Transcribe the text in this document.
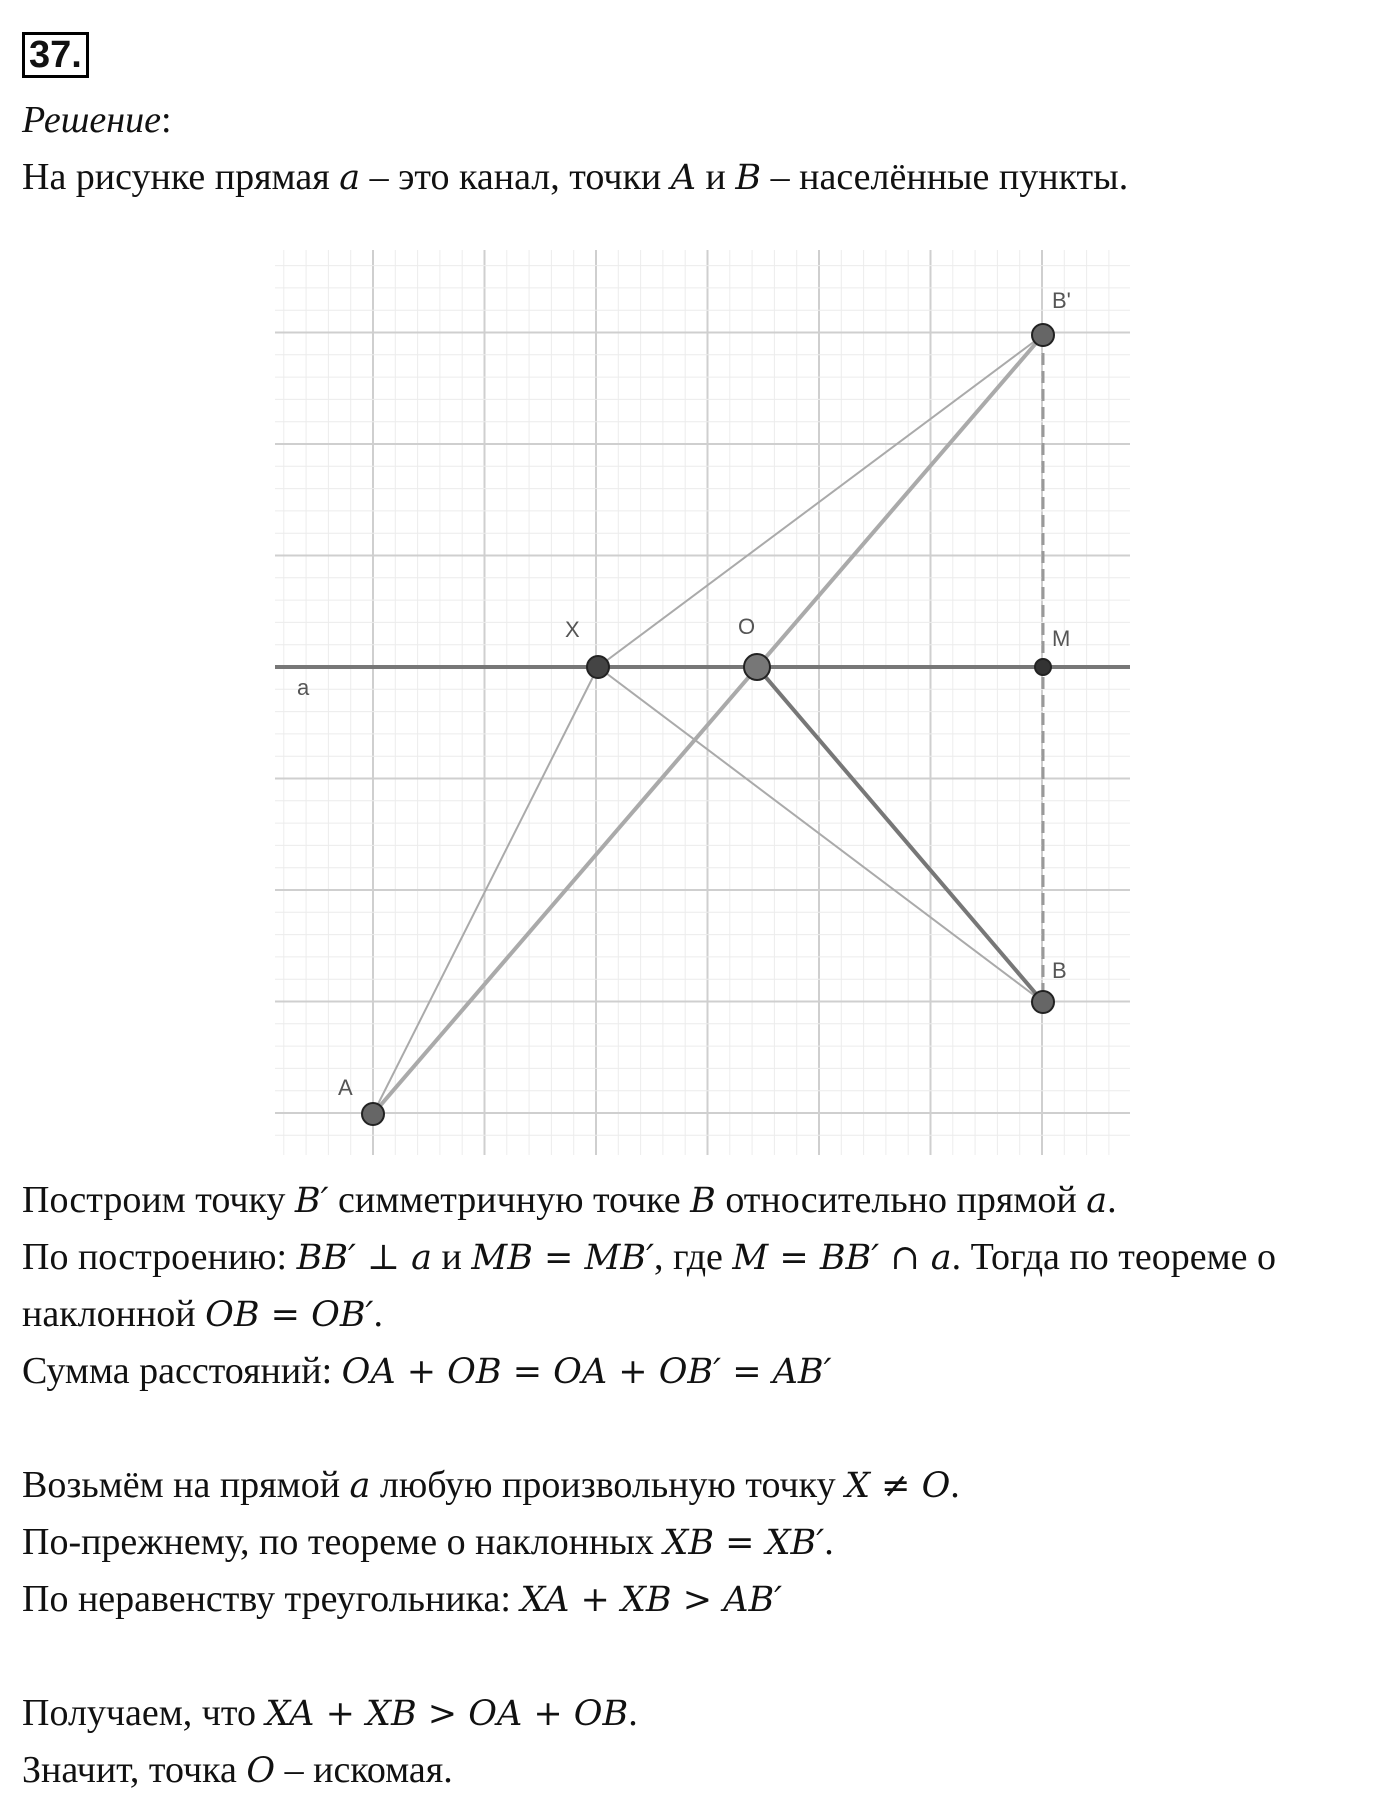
37.
Решение:
На рисунке прямая a – это канал, точки A и B – населённые пункты.
B'
X	O	M
a
B
A
Построим точку B′ симметричную точке B относительно прямой a.
По построению: BB′ ⊥ a и MB = MB′, где M = BB′ ∩ a. Тогда по теореме о
наклонной OB = OB′.
Сумма расстояний: OA + OB = OA + OB′ = AB′
Возьмём на прямой a любую произвольную точку X ≠ O.
По-прежнему, по теореме о наклонных XB = XB′.
По неравенству треугольника: XA + XB > AB′
Получаем, что XA + XB > OA + OB.
Значит, точка O – искомая.
